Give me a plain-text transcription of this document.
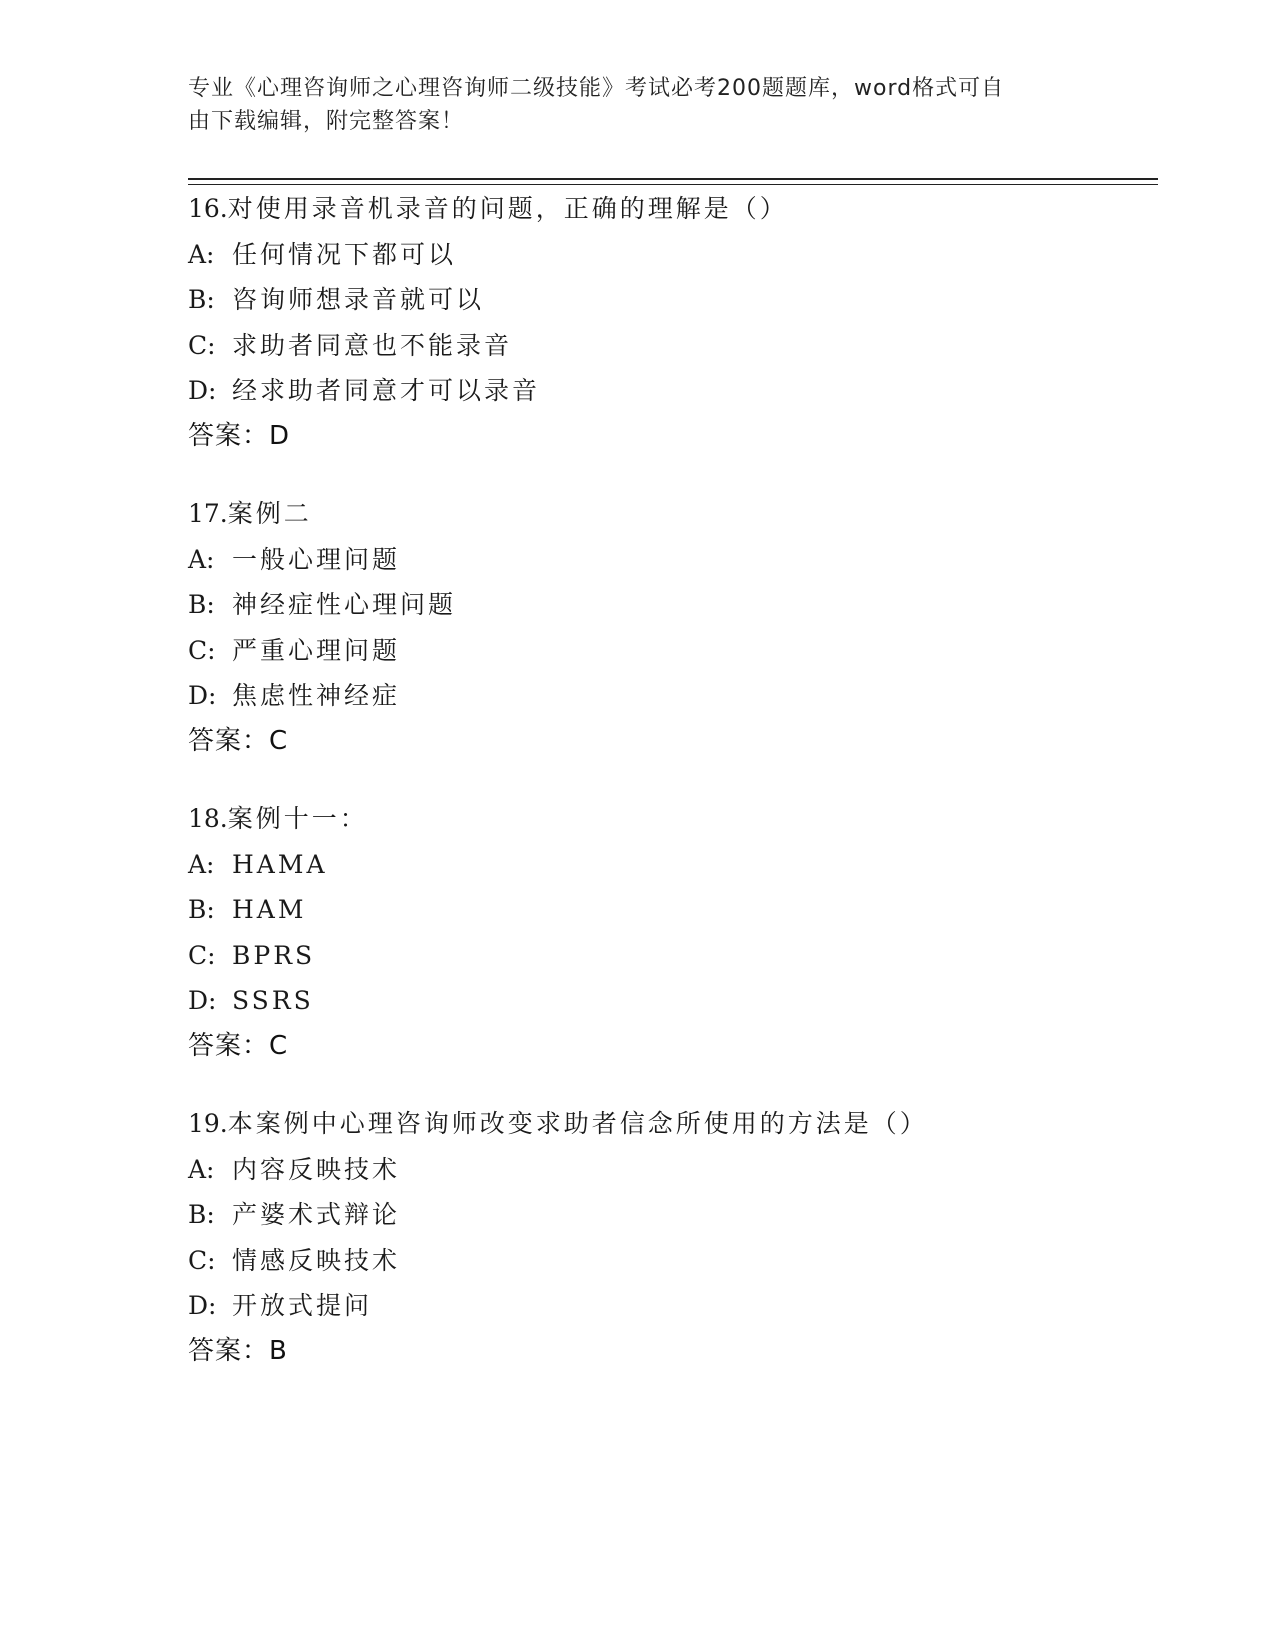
专业《心理咨询师之心理咨询师二级技能》考试必考200题题库，word格式可自
由下载编辑，附完整答案！
16.对使用录音机录音的问题，正确的理解是（）
A: 任何情况下都可以
B: 咨询师想录音就可以
C: 求助者同意也不能录音
D: 经求助者同意才可以录音
答案：D
17.案例二
A: 一般心理问题
B: 神经症性心理问题
C: 严重心理问题
D: 焦虑性神经症
答案：C
18.案例十一：
A: HAMA
B: HAM
C: BPRS
D: SSRS
答案：C
19.本案例中心理咨询师改变求助者信念所使用的方法是（）
A: 内容反映技术
B: 产婆术式辩论
C: 情感反映技术
D: 开放式提问
答案：B
